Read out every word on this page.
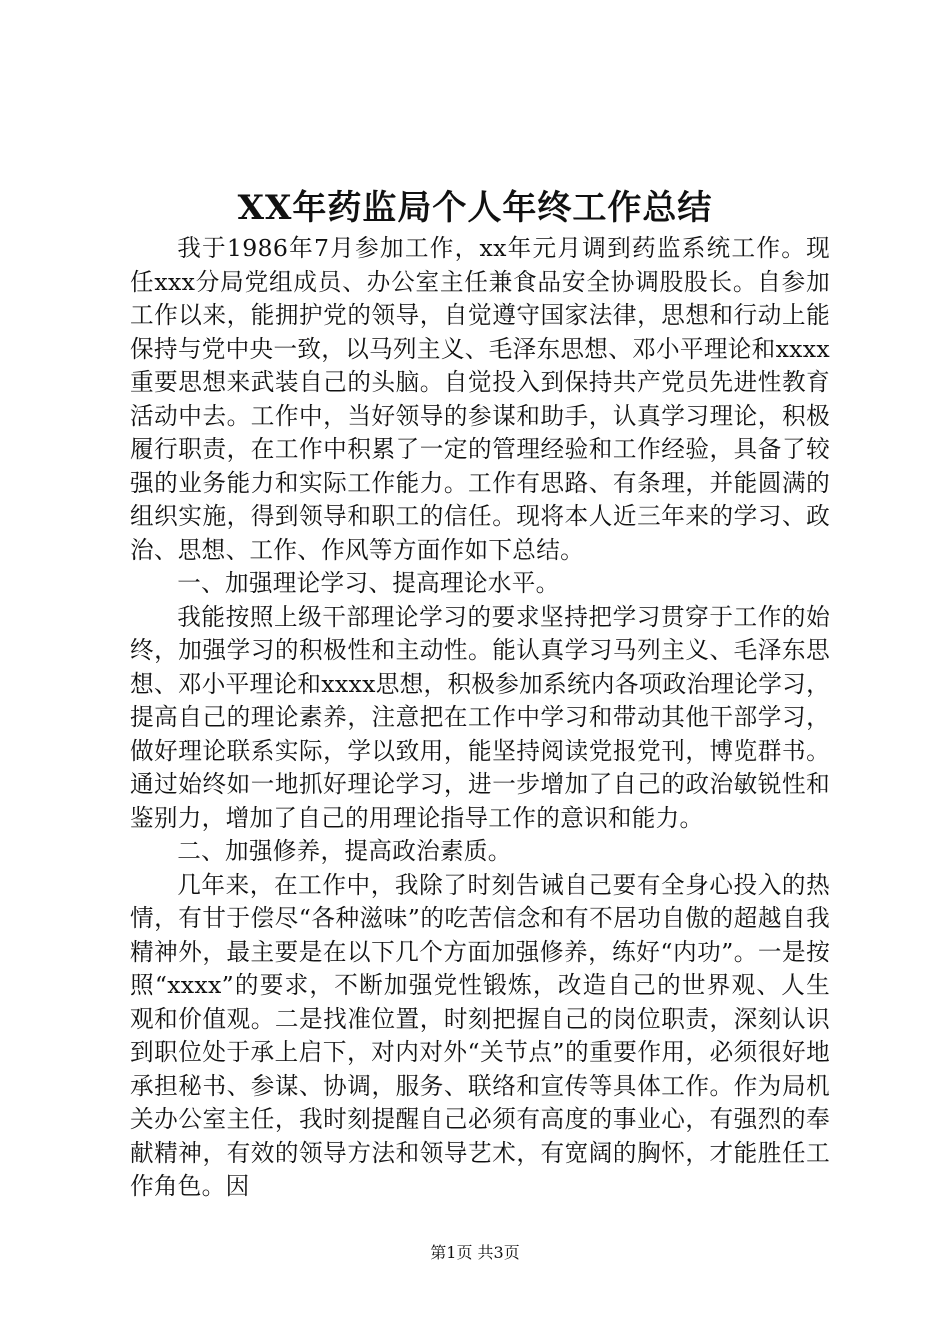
XX年药监局个人年终工作总结

我于1986年7月参加工作，xx年元月调到药监系统工作。现任xxx分局党组成员、办公室主任兼食品安全协调股股长。自参加工作以来，能拥护党的领导，自觉遵守国家法律，思想和行动上能保持与党中央一致，以马列主义、毛泽东思想、邓小平理论和xxxx重要思想来武装自己的头脑。自觉投入到保持共产党员先进性教育活动中去。工作中，当好领导的参谋和助手，认真学习理论，积极履行职责，在工作中积累了一定的管理经验和工作经验，具备了较强的业务能力和实际工作能力。工作有思路、有条理，并能圆满的组织实施，得到领导和职工的信任。现将本人近三年来的学习、政治、思想、工作、作风等方面作如下总结。

一、加强理论学习、提高理论水平。

我能按照上级干部理论学习的要求坚持把学习贯穿于工作的始终，加强学习的积极性和主动性。能认真学习马列主义、毛泽东思想、邓小平理论和xxxx思想，积极参加系统内各项政治理论学习，提高自己的理论素养，注意把在工作中学习和带动其他干部学习，做好理论联系实际，学以致用，能坚持阅读党报党刊，博览群书。通过始终如一地抓好理论学习，进一步增加了自己的政治敏锐性和鉴别力，增加了自己的用理论指导工作的意识和能力。

二、加强修养，提高政治素质。

几年来，在工作中，我除了时刻告诫自己要有全身心投入的热情，有甘于偿尽“各种滋味”的吃苦信念和有不居功自傲的超越自我精神外，最主要是在以下几个方面加强修养，练好“内功”。一是按照“xxxx”的要求，不断加强党性锻炼，改造自己的世界观、人生观和价值观。二是找准位置，时刻把握自己的岗位职责，深刻认识到职位处于承上启下，对内对外“关节点”的重要作用，必须很好地承担秘书、参谋、协调，服务、联络和宣传等具体工作。作为局机关办公室主任，我时刻提醒自己必须有高度的事业心，有强烈的奉献精神，有效的领导方法和领导艺术，有宽阔的胸怀，才能胜任工作角色。因

第1页 共3页
